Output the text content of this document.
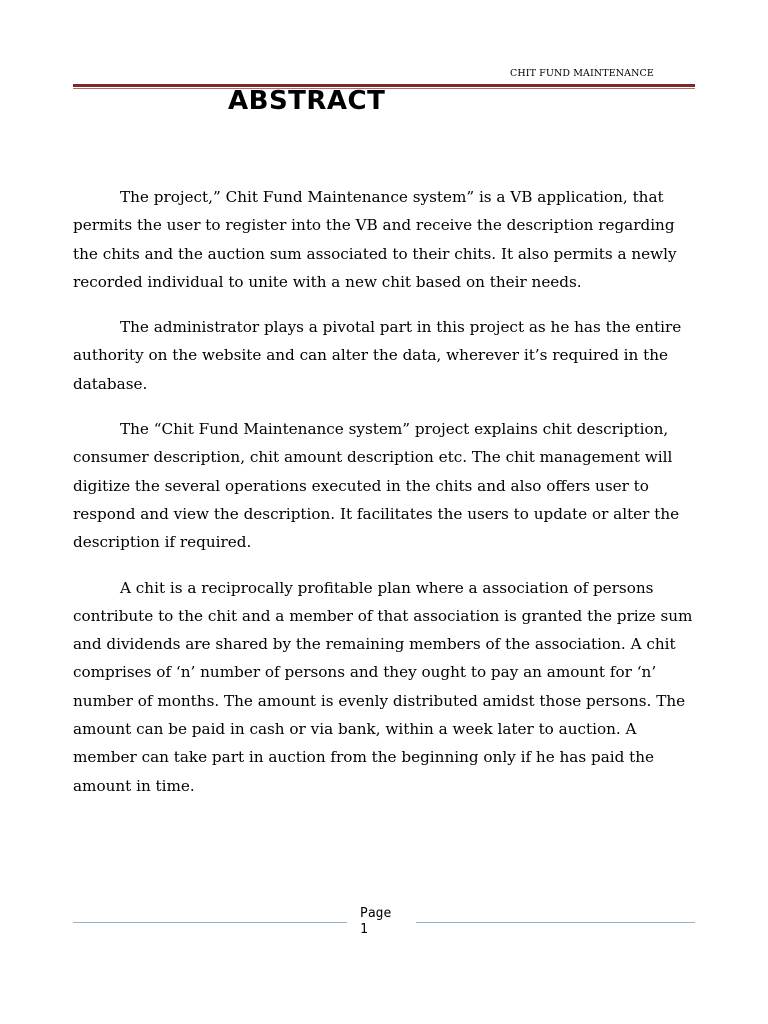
CHIT FUND MAINTENANCE
ABSTRACT

The project,” Chit Fund Maintenance system” is a VB application, that permits the user to register into the VB and receive the description regarding the chits and the auction sum associated to their chits. It also permits a newly recorded individual to unite with a new chit based on their needs.

The administrator plays a pivotal part in this project as he has the entire authority on the website and can alter the data, wherever it’s required in the database.

The “Chit Fund Maintenance system” project explains chit description, consumer description, chit amount description etc. The chit management will digitize the several operations executed in the chits and also offers user to respond and view the description. It facilitates the users to update or alter the description if required.

A chit is a reciprocally profitable plan where a association of persons contribute to the chit and a member of that association is granted the prize sum and dividends are shared by the remaining members of the association. A chit comprises of ‘n’ number of persons and they ought to pay an amount for ‘n’ number of months. The amount is evenly distributed amidst those persons. The amount can be paid in cash or via bank, within a week later to auction. A member can take part in auction from the beginning only if he has paid the amount in time.

Page
1
